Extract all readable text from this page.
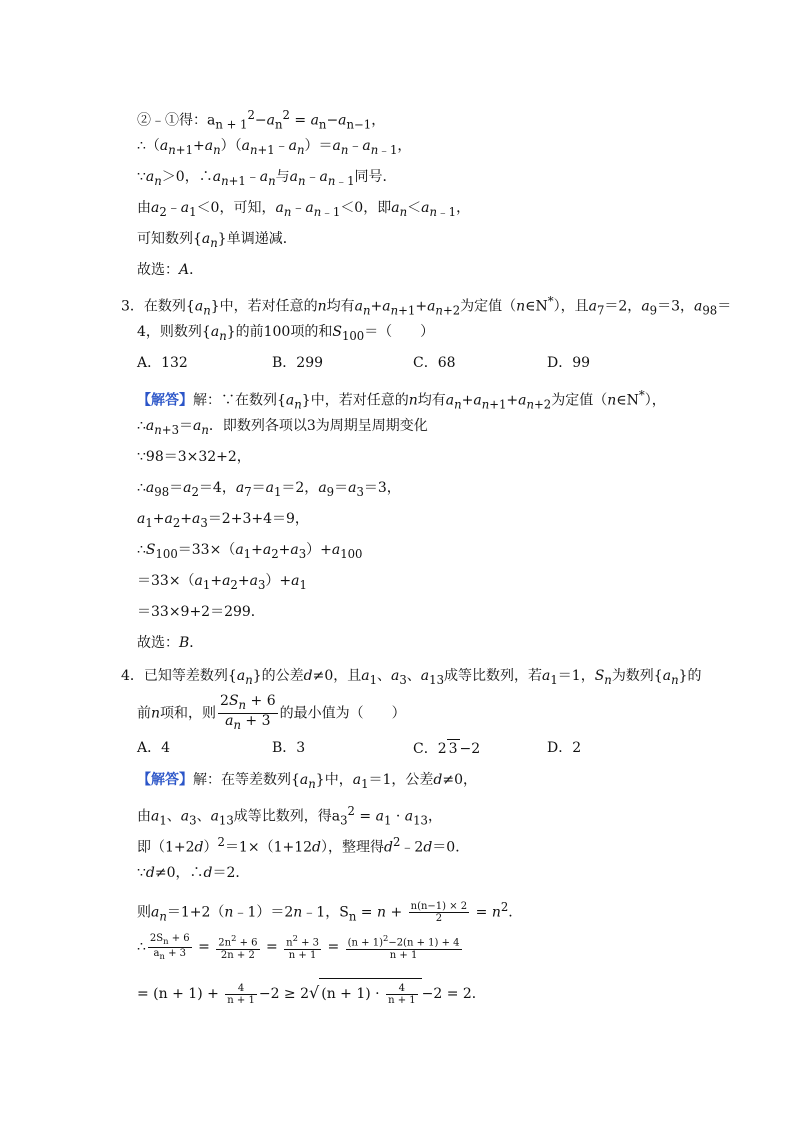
②﹣①得：$a_{n + 1}^2-a_n^2 = a_n-a_{n-1}$，
$\therefore(a_{n+1}+a_n)(a_{n+1}﹣a_n)=a_n﹣a_{n﹣1}$，
$\because a_n>0$，$\therefore a_{n+1}﹣a_n$与$a_n﹣a_{n﹣1}$同号．
由$a_2﹣a_1<0$，可知，$a_n﹣a_{n﹣1}<0$，即$a_n<a_{n﹣1}$，
可知数列$\{a_n\}$单调递减．
故选：A．
3．在数列$\{a_n\}$中，若对任意的n均有$a_n+a_{n+1}+a_{n+2}$为定值（n∈N*），且$a_7=2$，$a_9=3$，$a_{98}=$
4，则数列$\{a_n\}$的前100项的和$S_{100}=$（　　）
A．132	B．299	C．68	D．99
【解答】解：∵在数列$\{a_n\}$中，若对任意的n均有$a_n+a_{n+1}+a_{n+2}$为定值（n∈N*），
$\therefore a_{n+3}=a_n$．即数列各项以3为周期呈周期变化
∵98＝3×32+2，
$\therefore a_{98}=a_2=4$，$a_7=a_1=2$，$a_9=a_3=3$，
$a_1+a_2+a_3=2+3+4=9$，
$\therefore S_{100}=33\times(a_1+a_2+a_3)+a_{100}$
$=33\times(a_1+a_2+a_3)+a_1$
＝33×9+2＝299．
故选：B．
4．已知等差数列$\{a_n\}$的公差d≠0，且$a_1$、$a_3$、$a_{13}$成等比数列，若$a_1=1$，$S_n$为数列$\{a_n\}$的
前n项和，则 $\frac{2S_n + 6}{a_n + 3}$ 的最小值为（　　）
A．4	B．3	C．2 3 −2	D．2
【解答】解：在等差数列$\{a_n\}$中，$a_1=1$，公差d≠0，
由$a_1$、$a_3$、$a_{13}$成等比数列，得$a_3^2 = a_1 \cdot a_{13}$，
即$(1+2d)^2=1\times(1+12d)$，整理得$d^2﹣2d=0$．
∵d≠0，∴d＝2．
则$a_n=1+2(n﹣1)=2n﹣1$，$S_n = n + \frac{n(n-1) \times 2}{2} = n^2$.
∴ $\frac{2S_n + 6}{a_n + 3} = \frac{2n^2 + 6}{2n + 2} = \frac{n^2 + 3}{n + 1} = \frac{(n + 1)^2-2(n + 1) + 4}{n + 1}$
= $(n + 1) + \frac{4}{n + 1} -2 \ge 2√$ $(n + 1) \cdot \frac{4}{n + 1} -2 = 2$．
